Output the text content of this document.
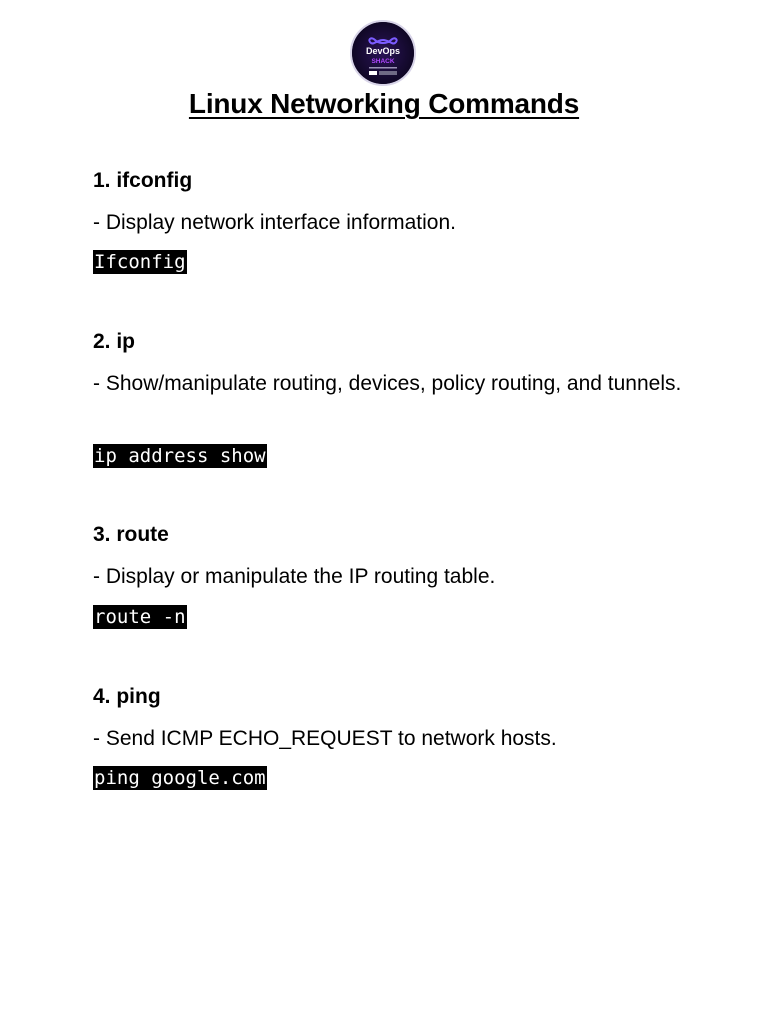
DevOps
SHACK
Linux Networking Commands
1. ifconfig
- Display network interface information.
Ifconfig
2. ip
- Show/manipulate routing, devices, policy routing, and tunnels.
ip address show
3. route
- Display or manipulate the IP routing table.
route -n
4. ping
- Send ICMP ECHO_REQUEST to network hosts.
ping google.com
